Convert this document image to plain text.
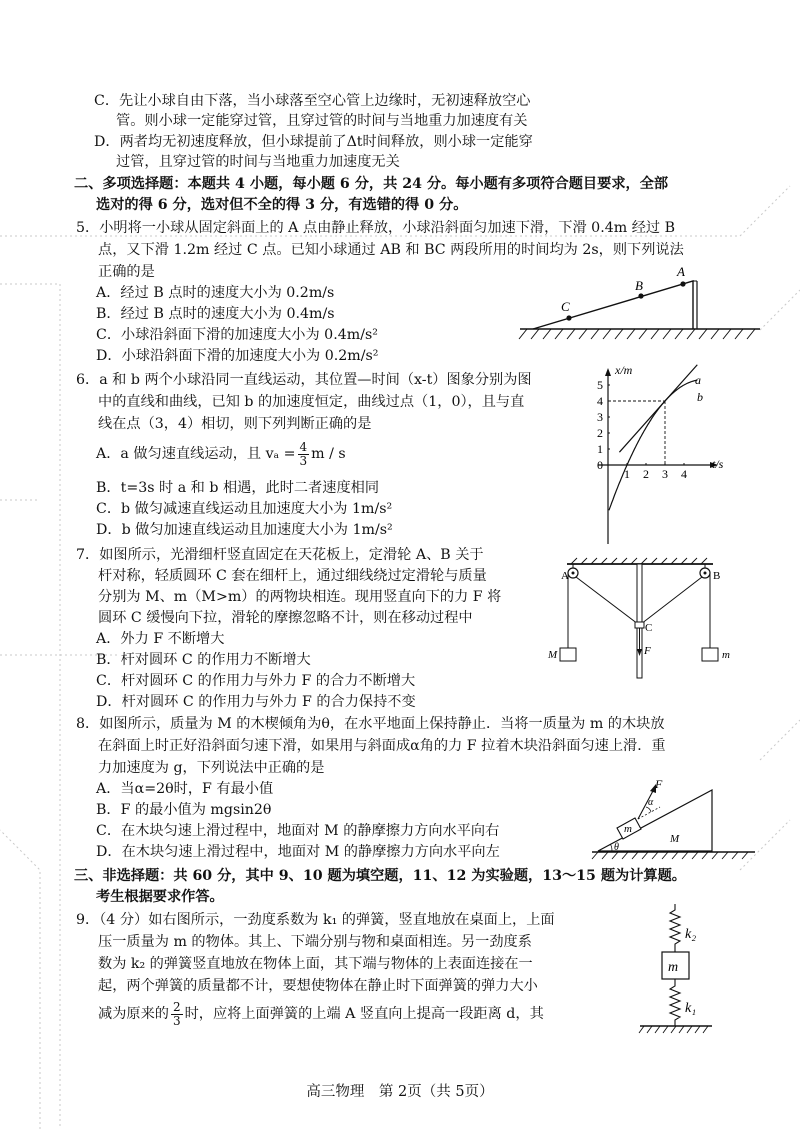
C．先让小球自由下落，当小球落至空心管上边缘时，无初速释放空心
管。则小球一定能穿过管，且穿过管的时间与当地重力加速度有关
D．两者均无初速度释放，但小球提前了Δt时间释放，则小球一定能穿
过管，且穿过管的时间与当地重力加速度无关
二、多项选择题：本题共 4 小题，每小题 6 分，共 24 分。每小题有多项符合题目要求，全部
选对的得 6 分，选对但不全的得 3 分，有选错的得 0 分。
5．小明将一小球从固定斜面上的 A 点由静止释放，小球沿斜面匀加速下滑，下滑 0.4m 经过 B
点，又下滑 1.2m 经过 C 点。已知小球通过 AB 和 BC 两段所用的时间均为 2s，则下列说法
正确的是
A．经过 B 点时的速度大小为 0.2m/s
B．经过 B 点时的速度大小为 0.4m/s
C．小球沿斜面下滑的加速度大小为 0.4m/s²
D．小球沿斜面下滑的加速度大小为 0.2m/s²
A
B
C
6．a 和 b 两个小球沿同一直线运动，其位置—时间（x-t）图象分别为图
中的直线和曲线，已知 b 的加速度恒定，曲线过点（1，0），且与直
线在点（3，4）相切，则下列判断正确的是
A．a 做匀速直线运动，且 $v_a = \frac{4}{3}$ m / s
B．t=3s 时 a 和 b 相遇，此时二者速度相同
C．b 做匀减速直线运动且加速度大小为 1m/s²
D．b 做匀加速直线运动且加速度大小为 1m/s²
x/m
t/s
a
b
1 2 3 4
0
1
2
3
4
5
7．如图所示，光滑细杆竖直固定在天花板上，定滑轮 A、B 关于
杆对称，轻质圆环 C 套在细杆上，通过细线绕过定滑轮与质量
分别为 M、m（M>m）的两物块相连。现用竖直向下的力 F 将
圆环 C 缓慢向下拉，滑轮的摩擦忽略不计，则在移动过程中
A．外力 F 不断增大
B．杆对圆环 C 的作用力不断增大
C．杆对圆环 C 的作用力与外力 F 的合力不断增大
D．杆对圆环 C 的作用力与外力 F 的合力保持不变
A	B
C
F
M	m
8．如图所示，质量为 M 的木楔倾角为θ，在水平地面上保持静止．当将一质量为 m 的木块放
在斜面上时正好沿斜面匀速下滑，如果用与斜面成α角的力 F 拉着木块沿斜面匀速上滑．重
力加速度为 g，下列说法中正确的是
A．当α=2θ时，F 有最小值
B．F 的最小值为 mgsin2θ
C．在木块匀速上滑过程中，地面对 M 的静摩擦力方向水平向右
D．在木块匀速上滑过程中，地面对 M 的静摩擦力方向水平向左
F
α
m
M
θ
三、非选择题：共 60 分，其中 9、10 题为填空题，11、12 为实验题，13～15 题为计算题。
考生根据要求作答。
9．（4 分）如右图所示，一劲度系数为 k₁ 的弹簧，竖直地放在桌面上，上面
压一质量为 m 的物体。其上、下端分别与物和桌面相连。另一劲度系
数为 k₂ 的弹簧竖直地放在物体上面，其下端与物体的上表面连接在一
起，两个弹簧的质量都不计，要想使物体在静止时下面弹簧的弹力大小
减为原来的 $\frac{2}{3}$ 时，应将上面弹簧的上端 A 竖直向上提高一段距离 d，其
k₂
m
k₁
高三物理　第 2页（共 5页）
